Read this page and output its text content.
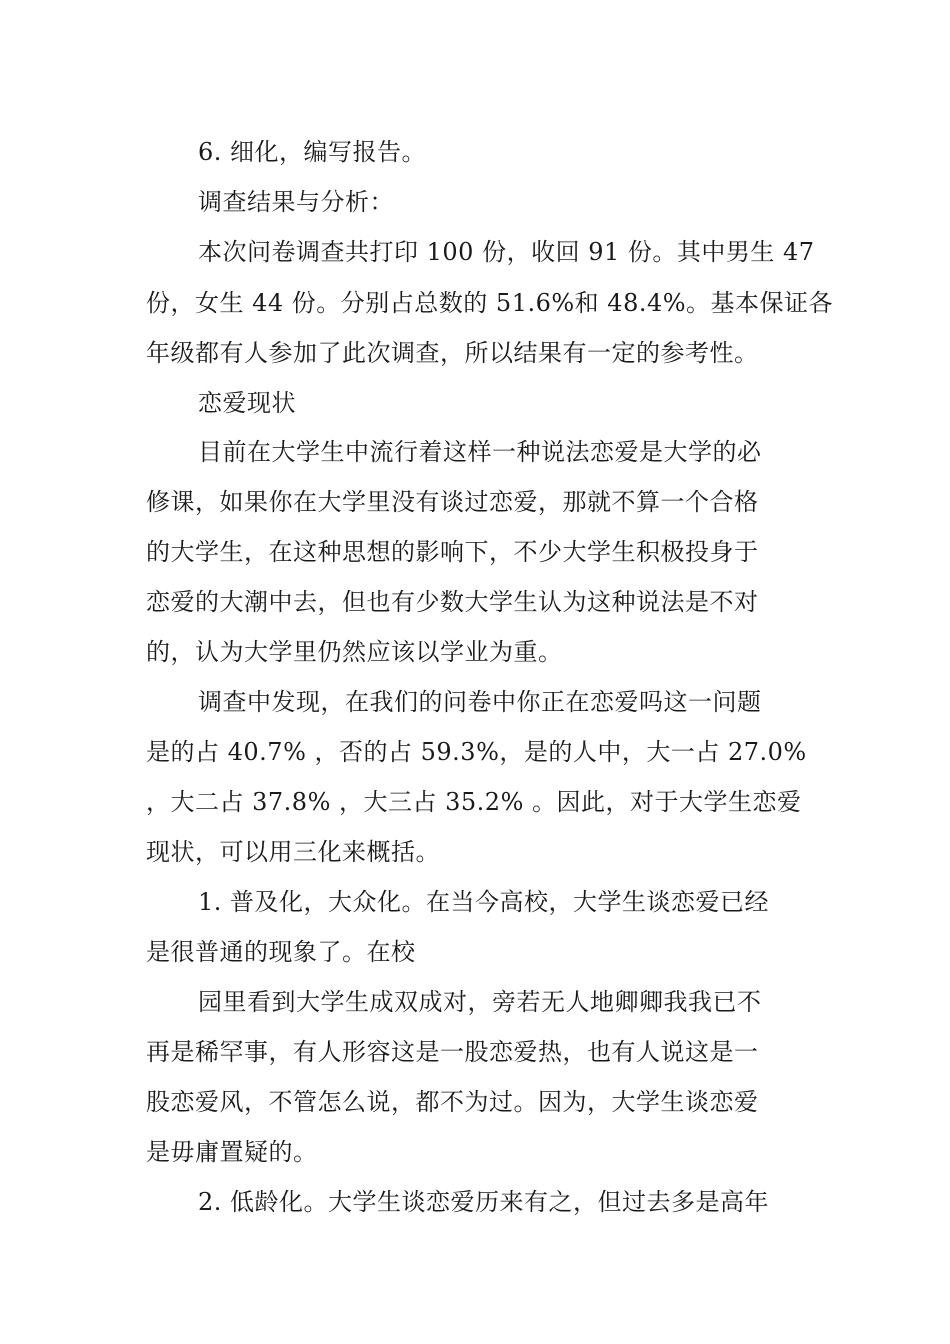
6. 细化，编写报告。
调查结果与分析：
本次问卷调查共打印 100 份，收回 91 份。其中男生 47
份，女生 44 份。分别占总数的 51.6%和 48.4%。基本保证各
年级都有人参加了此次调查，所以结果有一定的参考性。
恋爱现状
目前在大学生中流行着这样一种说法恋爱是大学的必
修课，如果你在大学里没有谈过恋爱，那就不算一个合格
的大学生，在这种思想的影响下，不少大学生积极投身于
恋爱的大潮中去，但也有少数大学生认为这种说法是不对
的，认为大学里仍然应该以学业为重。
调查中发现，在我们的问卷中你正在恋爱吗这一问题
是的占 40.7% ，否的占 59.3%，是的人中，大一占 27.0%
，大二占 37.8% ，大三占 35.2% 。因此，对于大学生恋爱
现状，可以用三化来概括。
1. 普及化，大众化。在当今高校，大学生谈恋爱已经
是很普通的现象了。在校
园里看到大学生成双成对，旁若无人地卿卿我我已不
再是稀罕事，有人形容这是一股恋爱热，也有人说这是一
股恋爱风，不管怎么说，都不为过。因为，大学生谈恋爱
是毋庸置疑的。
2. 低龄化。大学生谈恋爱历来有之，但过去多是高年
